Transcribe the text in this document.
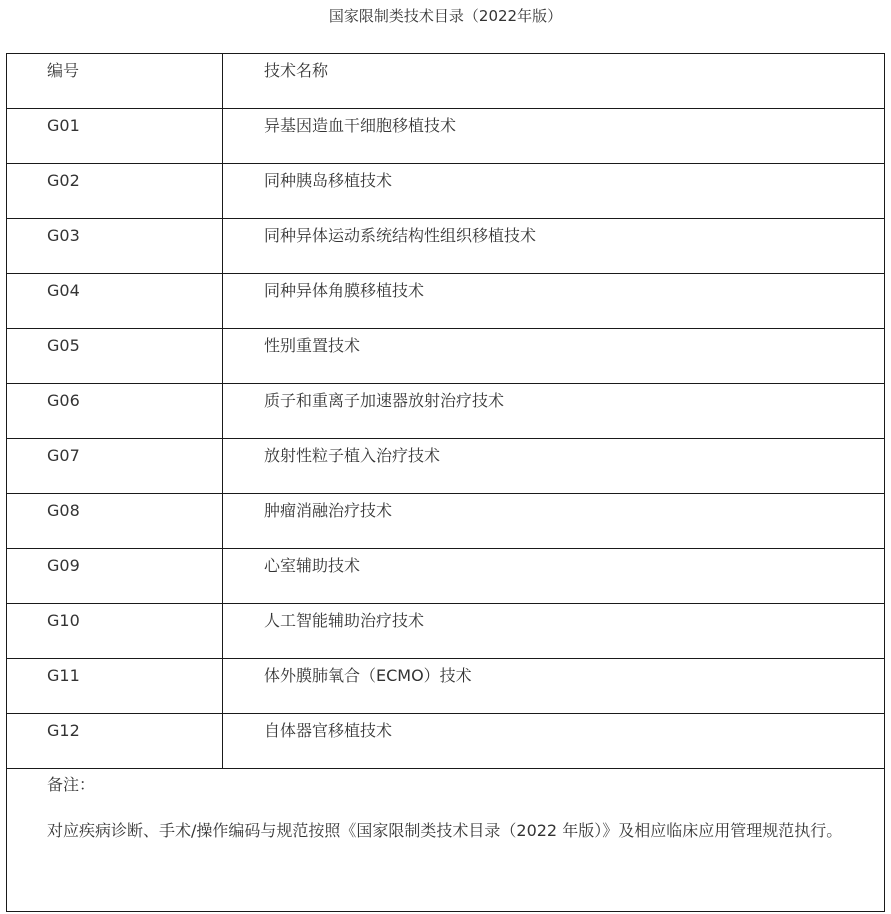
国家限制类技术目录（2022年版）
编号	技术名称
G01	异基因造血干细胞移植技术
G02	同种胰岛移植技术
G03	同种异体运动系统结构性组织移植技术
G04	同种异体角膜移植技术
G05	性别重置技术
G06	质子和重离子加速器放射治疗技术
G07	放射性粒子植入治疗技术
G08	肿瘤消融治疗技术
G09	心室辅助技术
G10	人工智能辅助治疗技术
G11	体外膜肺氧合（ECMO）技术
G12	自体器官移植技术

备注：
对应疾病诊断、手术/操作编码与规范按照《国家限制类技术目录（2022 年版）》及相应临床应用管理规范执行。	
